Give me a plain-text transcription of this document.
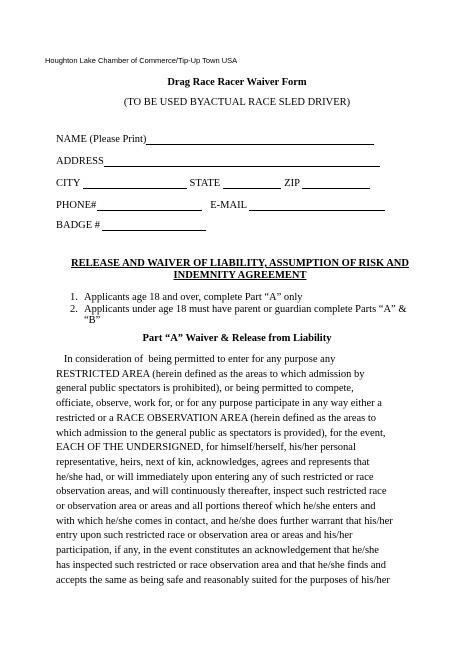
Houghton Lake Chamber of Commerce/Tip-Up Town USA
Drag Race Racer Waiver Form
(TO BE USED BYACTUAL RACE SLED DRIVER)
NAME (Please Print)
ADDRESS
CITY	STATE	ZIP
PHONE#	E-MAIL
BADGE #
RELEASE AND WAIVER OF LIABILITY, ASSUMPTION OF RISK AND
INDEMNITY AGREEMENT
1. Applicants age 18 and over, complete Part “A” only
2. Applicants under age 18 must have parent or guardian complete Parts “A” &
“B”
Part “A” Waiver & Release from Liability
In consideration of  being permitted to enter for any purpose any
RESTRICTED AREA (herein defined as the areas to which admission by
general public spectators is prohibited), or being permitted to compete,
officiate, observe, work for, or for any purpose participate in any way either a
restricted or a RACE OBSERVATION AREA (herein defined as the areas to
which admission to the general public as spectators is provided), for the event,
EACH OF THE UNDERSIGNED, for himself/herself, his/her personal
representative, heirs, next of kin, acknowledges, agrees and represents that
he/she had, or will immediately upon entering any of such restricted or race
observation areas, and will continuously thereafter, inspect such restricted race
or observation area or areas and all portions thereof which he/she enters and
with which he/she comes in contact, and he/she does further warrant that his/her
entry upon such restricted race or observation area or areas and his/her
participation, if any, in the event constitutes an acknowledgement that he/she
has inspected such restricted or race observation area and that he/she finds and
accepts the same as being safe and reasonably suited for the purposes of his/her
